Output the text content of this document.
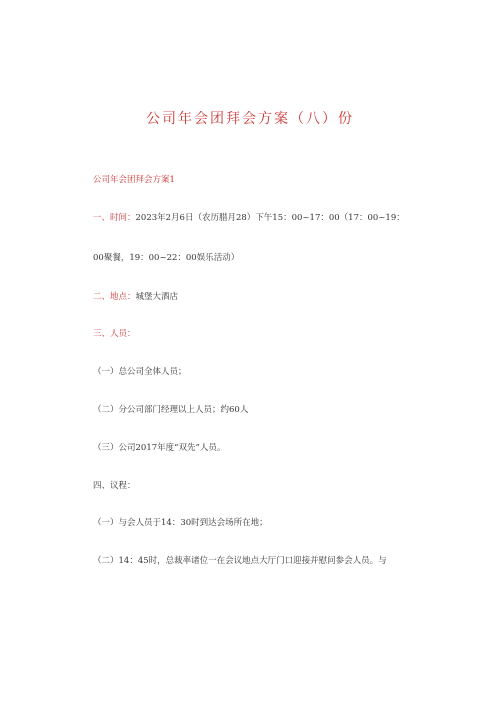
公司年会团拜会方案（八）份
公司年会团拜会方案1
一、时间：2023年2月6日（农历腊月28）下午15：00~17：00（17：00~19：
00聚餐，19：00~22：00娱乐活动）
二、地点：城堡大酒店
三、人员：
（一）总公司全体人员；
（二）分公司部门经理以上人员；约60人
（三）公司2017年度“双先”人员。
四、议程：
（一）与会人员于14：30时到达会场所在地；
（二）14：45时，总裁率诸位一在会议地点大厅门口迎接并慰问参会人员。与
